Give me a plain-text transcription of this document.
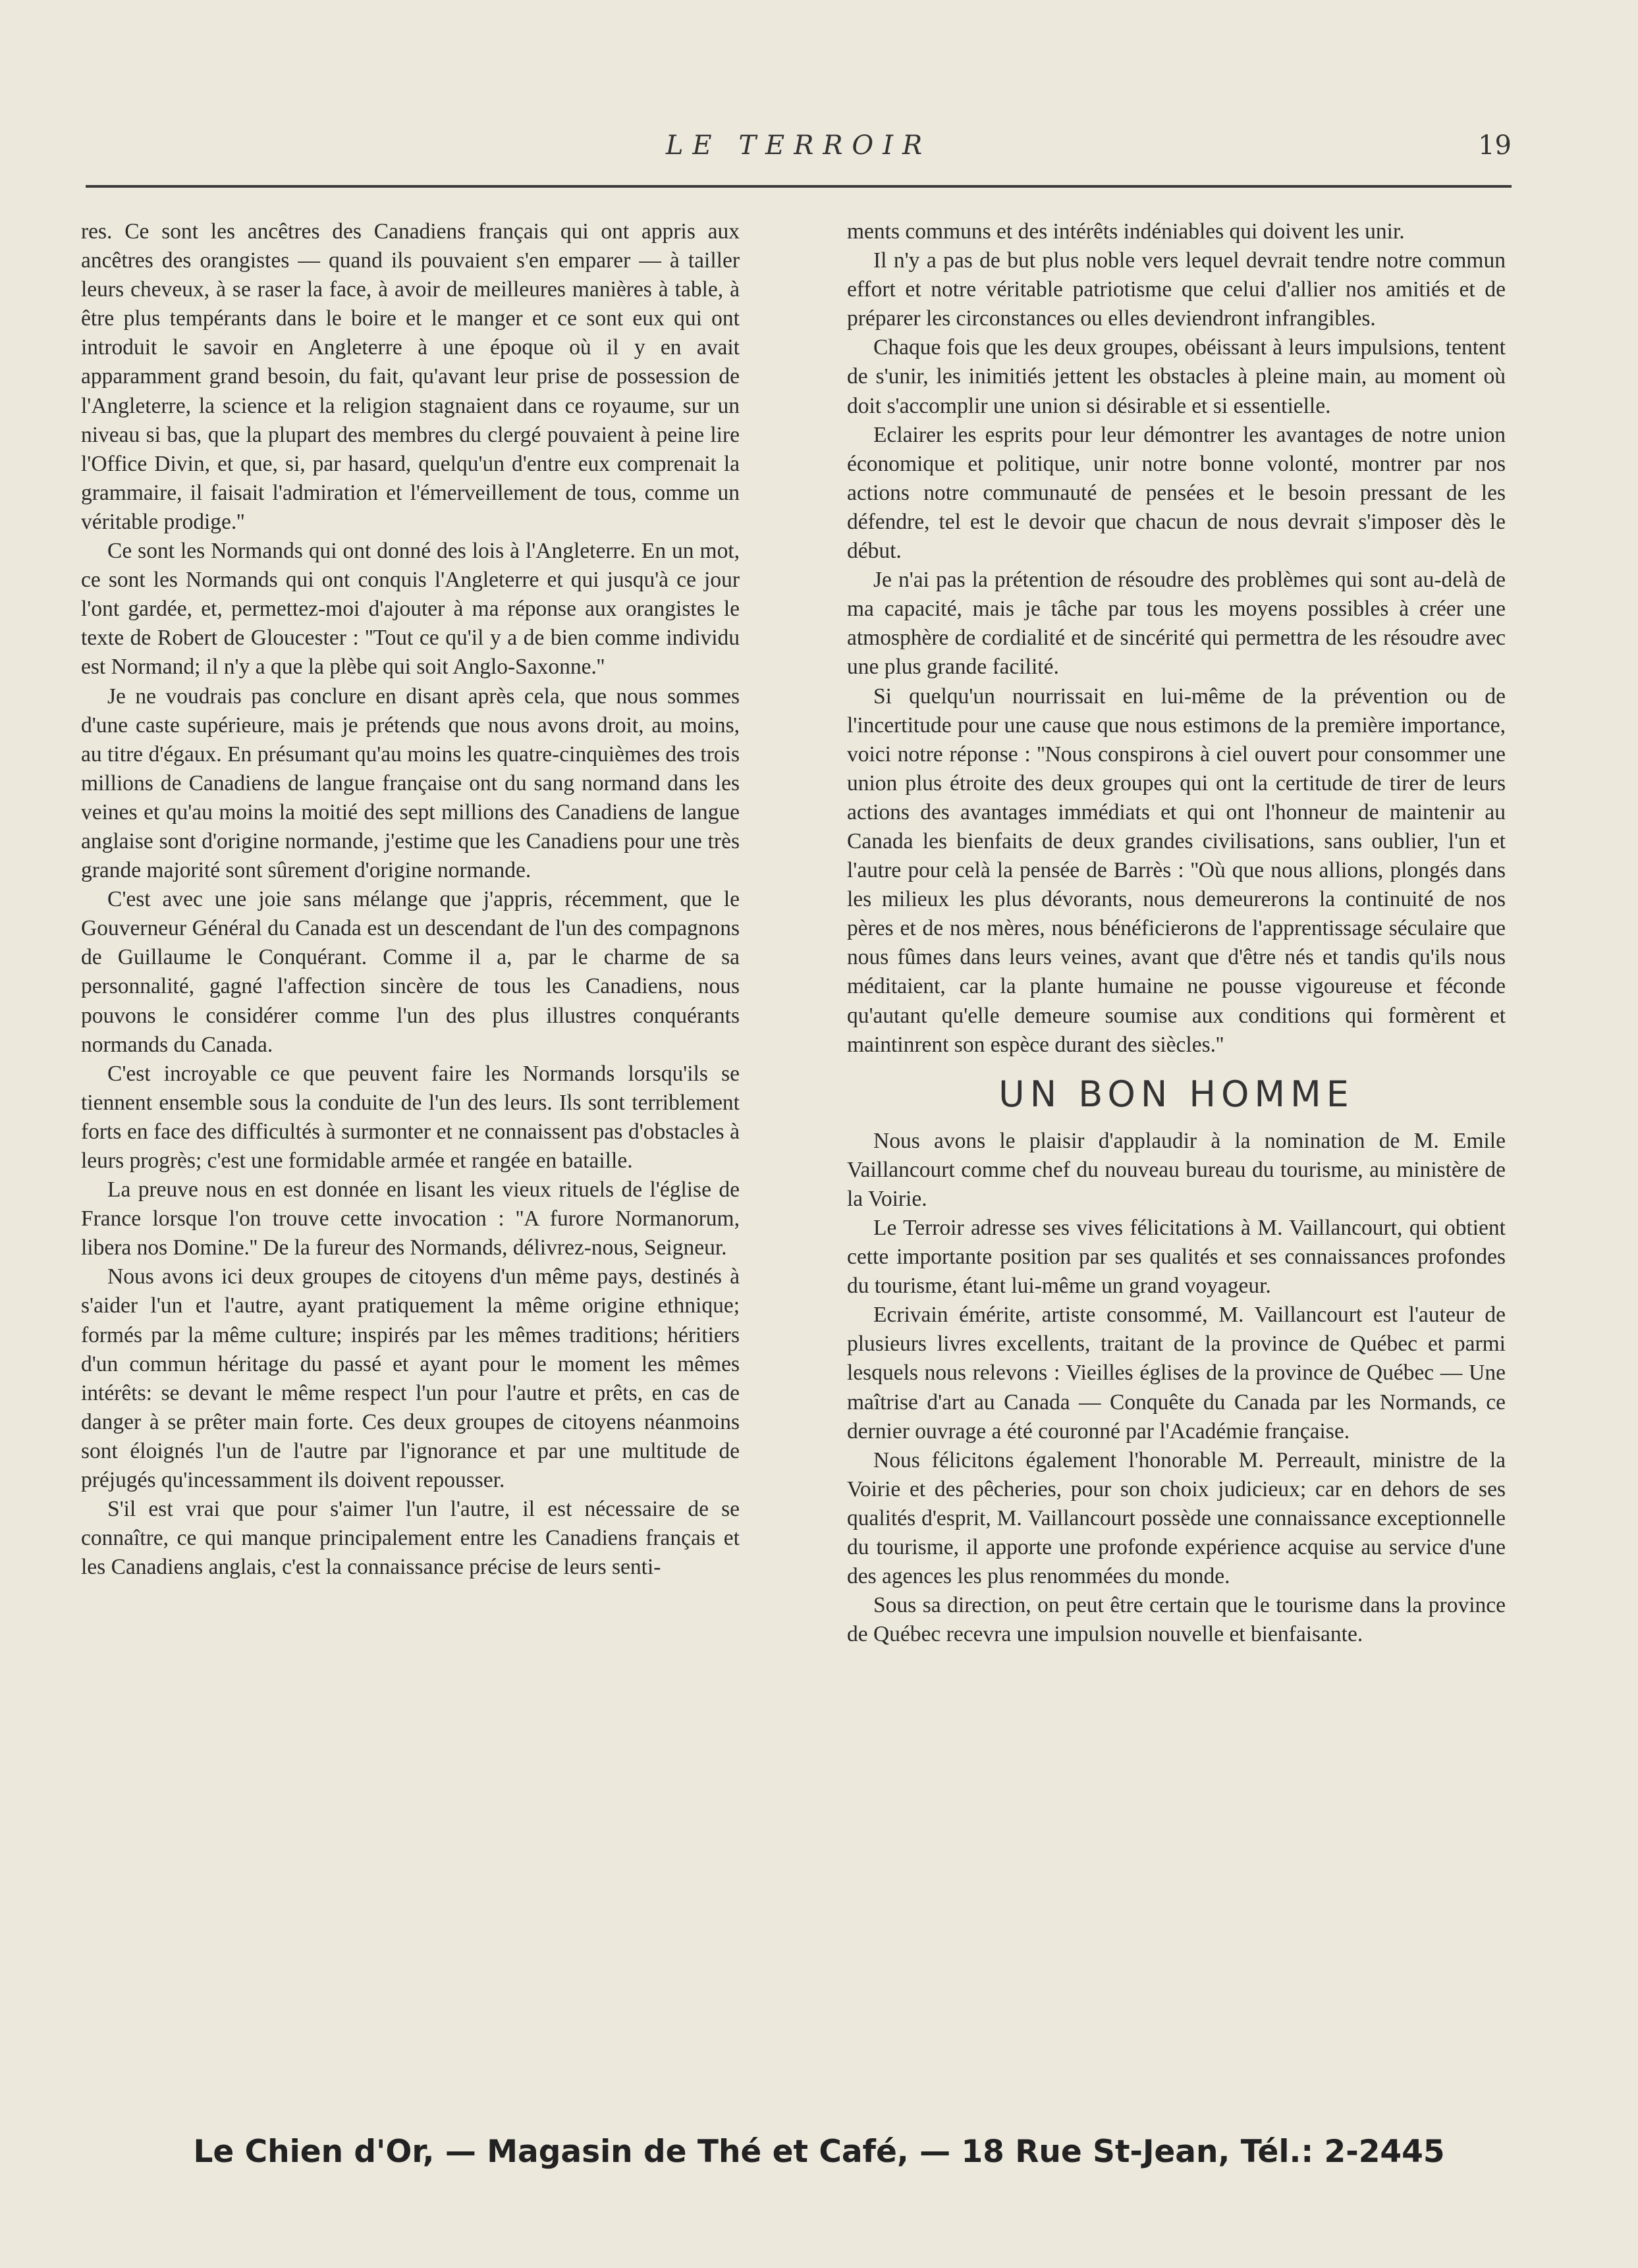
LE TERROIR	19

res. Ce sont les ancêtres des Canadiens français qui ont appris aux ancêtres des orangistes — quand ils pouvaient s'en emparer — à tailler leurs cheveux, à se raser la face, à avoir de meilleures manières à table, à être plus tempérants dans le boire et le manger et ce sont eux qui ont introduit le savoir en Angleterre à une époque où il y en avait apparamment grand besoin, du fait, qu'avant leur prise de possession de l'Angleterre, la science et la religion stagnaient dans ce royaume, sur un niveau si bas, que la plupart des membres du clergé pouvaient à peine lire l'Office Divin, et que, si, par hasard, quelqu'un d'entre eux comprenait la grammaire, il faisait l'admiration et l'émerveillement de tous, comme un véritable prodige.''

Ce sont les Normands qui ont donné des lois à l'Angleterre. En un mot, ce sont les Normands qui ont conquis l'Angleterre et qui jusqu'à ce jour l'ont gardée, et, permettez-moi d'ajouter à ma réponse aux orangistes le texte de Robert de Gloucester : ''Tout ce qu'il y a de bien comme individu est Normand; il n'y a que la plèbe qui soit Anglo-Saxonne.''

Je ne voudrais pas conclure en disant après cela, que nous sommes d'une caste supérieure, mais je prétends que nous avons droit, au moins, au titre d'égaux. En présumant qu'au moins les quatre-cinquièmes des trois millions de Canadiens de langue française ont du sang normand dans les veines et qu'au moins la moitié des sept millions des Canadiens de langue anglaise sont d'origine normande, j'estime que les Canadiens pour une très grande majorité sont sûrement d'origine normande.

C'est avec une joie sans mélange que j'appris, récemment, que le Gouverneur Général du Canada est un descendant de l'un des compagnons de Guillaume le Conquérant. Comme il a, par le charme de sa personnalité, gagné l'affection sincère de tous les Canadiens, nous pouvons le considérer comme l'un des plus illustres conquérants normands du Canada.

C'est incroyable ce que peuvent faire les Normands lorsqu'ils se tiennent ensemble sous la conduite de l'un des leurs. Ils sont terriblement forts en face des difficultés à surmonter et ne connaissent pas d'obstacles à leurs progrès; c'est une formidable armée et rangée en bataille.

La preuve nous en est donnée en lisant les vieux rituels de l'église de France lorsque l'on trouve cette invocation : ''A furore Normanorum, libera nos Domine.'' De la fureur des Normands, délivrez-nous, Seigneur.

Nous avons ici deux groupes de citoyens d'un même pays, destinés à s'aider l'un et l'autre, ayant pratiquement la même origine ethnique; formés par la même culture; inspirés par les mêmes traditions; héritiers d'un commun héritage du passé et ayant pour le moment les mêmes intérêts: se devant le même respect l'un pour l'autre et prêts, en cas de danger à se prêter main forte. Ces deux groupes de citoyens néanmoins sont éloignés l'un de l'autre par l'ignorance et par une multitude de préjugés qu'incessamment ils doivent repousser.

S'il est vrai que pour s'aimer l'un l'autre, il est nécessaire de se connaître, ce qui manque principalement entre les Canadiens français et les Canadiens anglais, c'est la connaissance précise de leurs senti-

ments communs et des intérêts indéniables qui doivent les unir.

Il n'y a pas de but plus noble vers lequel devrait tendre notre commun effort et notre véritable patriotisme que celui d'allier nos amitiés et de préparer les circonstances ou elles deviendront infrangibles.

Chaque fois que les deux groupes, obéissant à leurs impulsions, tentent de s'unir, les inimitiés jettent les obstacles à pleine main, au moment où doit s'accomplir une union si désirable et si essentielle.

Eclairer les esprits pour leur démontrer les avantages de notre union économique et politique, unir notre bonne volonté, montrer par nos actions notre communauté de pensées et le besoin pressant de les défendre, tel est le devoir que chacun de nous devrait s'imposer dès le début.

Je n'ai pas la prétention de résoudre des problèmes qui sont au-delà de ma capacité, mais je tâche par tous les moyens possibles à créer une atmosphère de cordialité et de sincérité qui permettra de les résoudre avec une plus grande facilité.

Si quelqu'un nourrissait en lui-même de la prévention ou de l'incertitude pour une cause que nous estimons de la première importance, voici notre réponse : ''Nous conspirons à ciel ouvert pour consommer une union plus étroite des deux groupes qui ont la certitude de tirer de leurs actions des avantages immédiats et qui ont l'honneur de maintenir au Canada les bienfaits de deux grandes civilisations, sans oublier, l'un et l'autre pour celà la pensée de Barrès : ''Où que nous allions, plongés dans les milieux les plus dévorants, nous demeurerons la continuité de nos pères et de nos mères, nous bénéficierons de l'apprentissage séculaire que nous fûmes dans leurs veines, avant que d'être nés et tandis qu'ils nous méditaient, car la plante humaine ne pousse vigoureuse et féconde qu'autant qu'elle demeure soumise aux conditions qui formèrent et maintinrent son espèce durant des siècles.''

UN BON HOMME

Nous avons le plaisir d'applaudir à la nomination de M. Emile Vaillancourt comme chef du nouveau bureau du tourisme, au ministère de la Voirie.

Le Terroir adresse ses vives félicitations à M. Vaillancourt, qui obtient cette importante position par ses qualités et ses connaissances profondes du tourisme, étant lui-même un grand voyageur.

Ecrivain émérite, artiste consommé, M. Vaillancourt est l'auteur de plusieurs livres excellents, traitant de la province de Québec et parmi lesquels nous relevons : Vieilles églises de la province de Québec — Une maîtrise d'art au Canada — Conquête du Canada par les Normands, ce dernier ouvrage a été couronné par l'Académie française.

Nous félicitons également l'honorable M. Perreault, ministre de la Voirie et des pêcheries, pour son choix judicieux; car en dehors de ses qualités d'esprit, M. Vaillancourt possède une connaissance exceptionnelle du tourisme, il apporte une profonde expérience acquise au service d'une des agences les plus renommées du monde.

Sous sa direction, on peut être certain que le tourisme dans la province de Québec recevra une impulsion nouvelle et bienfaisante.

Le Chien d'Or, — Magasin de Thé et Café, — 18 Rue St-Jean, Tél.: 2-2445
